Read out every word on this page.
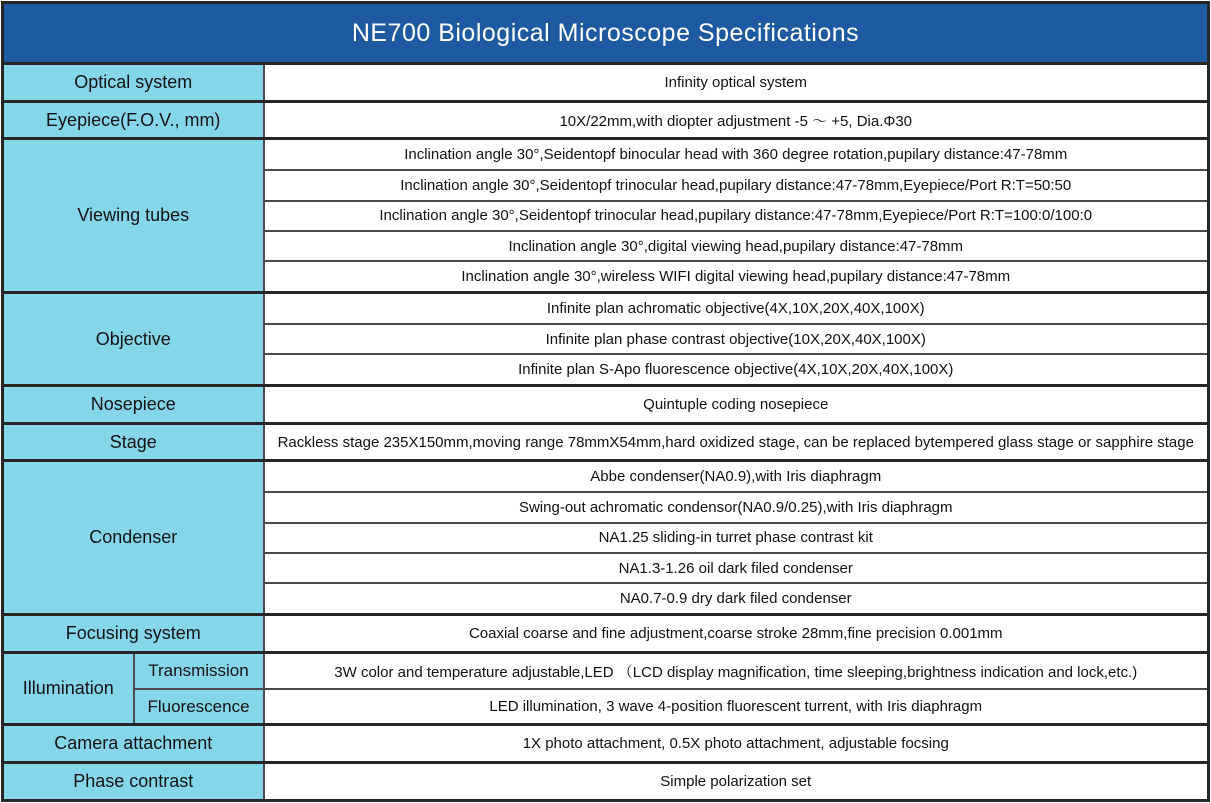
NE700 Biological Microscope Specifications		
Optical system		Infinity optical system
Eyepiece(F.O.V., mm)		10X/22mm,with diopter adjustment -5 ～ +5, Dia.Φ30
Viewing tubes		Inclination angle 30°,Seidentopf binocular head with 360 degree rotation,pupilary distance:47-78mm
		Inclination angle 30°,Seidentopf trinocular head,pupilary distance:47-78mm,Eyepiece/Port R:T=50:50
		Inclination angle 30°,Seidentopf trinocular head,pupilary distance:47-78mm,Eyepiece/Port R:T=100:0/100:0
		Inclination angle 30°,digital viewing head,pupilary distance:47-78mm
		Inclination angle 30°,wireless WIFI digital viewing head,pupilary distance:47-78mm
Objective		Infinite plan achromatic objective(4X,10X,20X,40X,100X)
		Infinite plan phase contrast objective(10X,20X,40X,100X)
		Infinite plan S-Apo fluorescence objective(4X,10X,20X,40X,100X)
Nosepiece		Quintuple coding nosepiece
Stage		Rackless stage 235X150mm,moving range 78mmX54mm,hard oxidized stage, can be replaced bytempered glass stage or sapphire stage
Condenser		Abbe condenser(NA0.9),with Iris diaphragm
		Swing-out achromatic condensor(NA0.9/0.25),with Iris diaphragm
		NA1.25 sliding-in turret phase contrast kit
		NA1.3-1.26 oil dark filed condenser
		NA0.7-0.9 dry dark filed condenser
Focusing system		Coaxial coarse and fine adjustment,coarse stroke 28mm,fine precision 0.001mm
Illumination	Transmission	3W color and temperature adjustable,LED （LCD display magnification, time sleeping,brightness indication and lock,etc.)
	Fluorescence	LED illumination, 3 wave 4-position fluorescent turrent, with Iris diaphragm
Camera attachment		1X photo attachment, 0.5X photo attachment, adjustable focsing
Phase contrast		Simple polarization set
